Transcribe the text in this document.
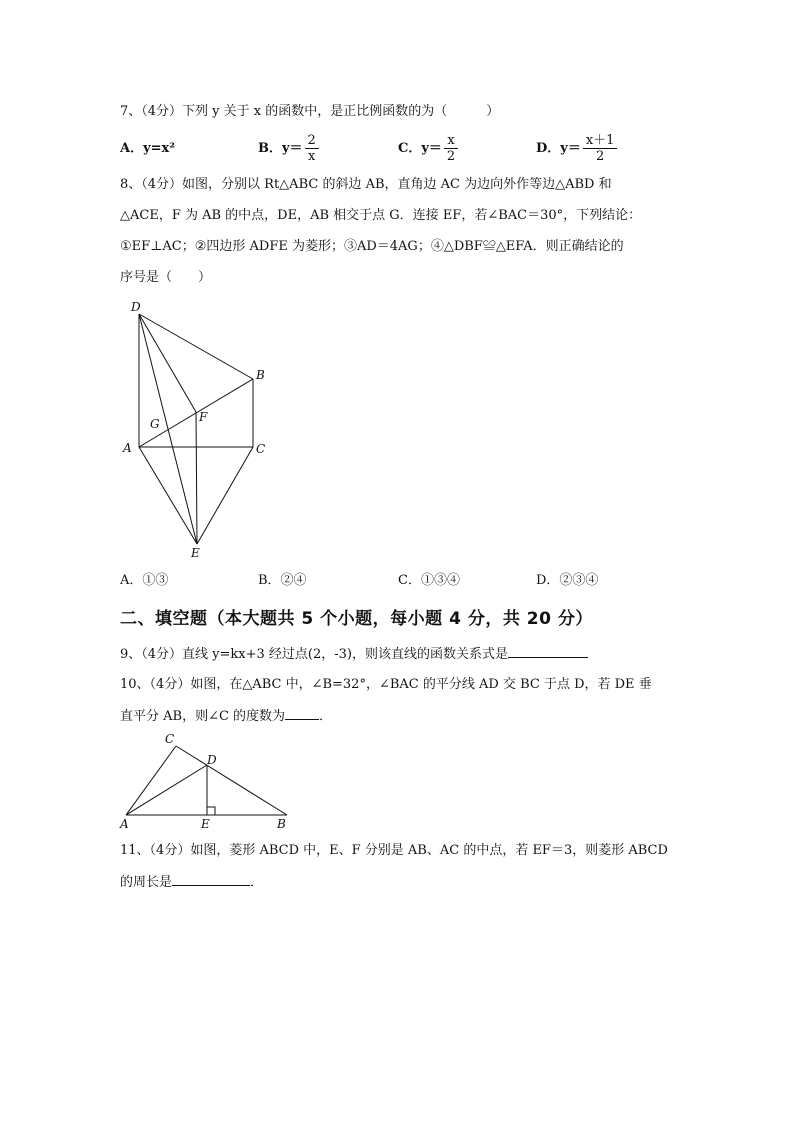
7、（4分）下列 y 关于 x 的函数中，是正比例函数的为（　　　）
A．y=x²	B．$y= \frac{2}{x}$	C．$y= \frac{x}{2}$	D．$y= \frac{x+1}{2}$
8、（4分）如图，分别以 Rt△ABC 的斜边 AB，直角边 AC 为边向外作等边△ABD 和
△ACE，F 为 AB 的中点，DE，AB 相交于点 G．连接 EF，若∠BAC＝30°，下列结论：
①EF⊥AC；②四边形 ADFE 为菱形；③AD＝4AG；④△DBF≌△EFA．则正确结论的
序号是（　　）
D
B
G	F
A	C
E
A．①③	B．②④	C．①③④	D．②③④
二、填空题（本大题共 5 个小题，每小题 4 分，共 20 分）
9、（4分）直线 y=kx+3 经过点(2，-3)，则该直线的函数关系式是
10、（4分）如图，在△ABC 中，∠B=32°，∠BAC 的平分线 AD 交 BC 于点 D，若 DE 垂
直平分 AB，则∠C 的度数为	．
C
D
A	E	B
11、（4分）如图，菱形 ABCD 中，E、F 分别是 AB、AC 的中点，若 EF＝3，则菱形 ABCD
的周长是	．
